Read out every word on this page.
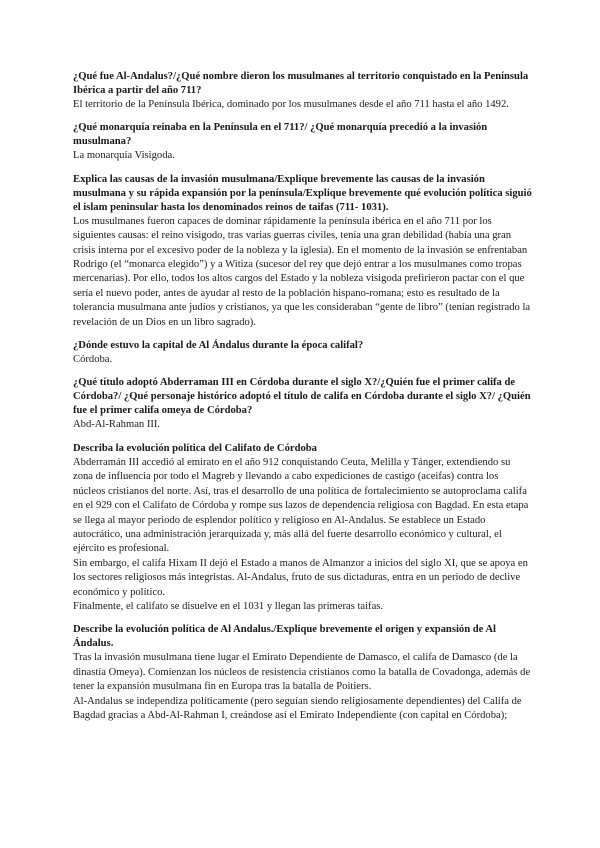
¿Qué fue Al-Andalus?/¿Qué nombre dieron los musulmanes al territorio conquistado en la Península Ibérica a partir del año 711?

El territorio de la Península Ibérica, dominado por los musulmanes desde el año 711 hasta el año 1492.

¿Qué monarquía reinaba en la Península en el 711?/ ¿Qué monarquía precedió a la invasión musulmana?

La monarquía Visigoda.

Explica las causas de la invasión musulmana/Explique brevemente las causas de la invasión musulmana y su rápida expansión por la península/Explique brevemente qué evolución política siguió el islam peninsular hasta los denominados reinos de taifas (711- 1031).

Los musulmanes fueron capaces de dominar rápidamente la península ibérica en el año 711 por los siguientes causas: el reino visigodo, tras varias guerras civiles, tenía una gran debilidad (había una gran crisis interna por el excesivo poder de la nobleza y la iglesia). En el momento de la invasión se enfrentaban Rodrigo (el “monarca elegido”) y a Witiza (sucesor del rey que dejó entrar a los musulmanes como tropas mercenarias). Por ello, todos los altos cargos del Estado y la nobleza visigoda prefirieron pactar con el que sería el nuevo poder, antes de ayudar al resto de la población hispano-romana; esto es resultado de la tolerancia musulmana ante judíos y cristianos, ya que les consideraban “gente de libro” (tenían registrado la revelación de un Dios en un libro sagrado).

¿Dónde estuvo la capital de Al Ándalus durante la época califal?

Córdoba.

¿Qué título adoptó Abderraman III en Córdoba durante el siglo X?/¿Quién fue el primer califa de Córdoba?/ ¿Qué personaje histórico adoptó el título de califa en Córdoba durante el siglo X?/ ¿Quién fue el primer califa omeya de Córdoba?

Abd-Al-Rahman III.

Describa la evolución política del Califato de Córdoba

Abderramán III accedió al emirato en el año 912 conquistando Ceuta, Melilla y Tánger, extendiendo su zona de influencia por todo el Magreb y llevando a cabo expediciones de castigo (aceifas) contra los núcleos cristianos del norte. Así, tras el desarrollo de una política de fortalecimiento se autoproclama califa en el 929 con el Califato de Córdoba y rompe sus lazos de dependencia religiosa con Bagdad. En esta etapa se llega al mayor periodo de esplendor político y religioso en Al-Andalus. Se establece un Estado autocrático, una administración jerarquizada y, más allá del fuerte desarrollo económico y cultural, el ejército es profesional.

Sin embargo, el califa Hixam II dejó el Estado a manos de Almanzor a inicios del siglo XI, que se apoya en los sectores religiosos más integristas. Al-Andalus, fruto de sus dictaduras, entra en un periodo de declive económico y político.

Finalmente, el califato se disuelve en el 1031 y llegan las primeras taifas.

Describe la evolución política de Al Andalus./Explique brevemente el origen y expansión de Al Ándalus.

Tras la invasión musulmana tiene lugar el Emirato Dependiente de Damasco, el califa de Damasco (de la dinastía Omeya). Comienzan los núcleos de resistencia cristianos como la batalla de Covadonga, además de tener la expansión musulmana fin en Europa tras la batalla de Poitiers.

Al-Andalus se independiza políticamente (pero seguían siendo religiosamente dependientes) del Califa de Bagdad gracias a Abd-Al-Rahman I, creándose así el Emirato Independiente (con capital en Córdoba);
